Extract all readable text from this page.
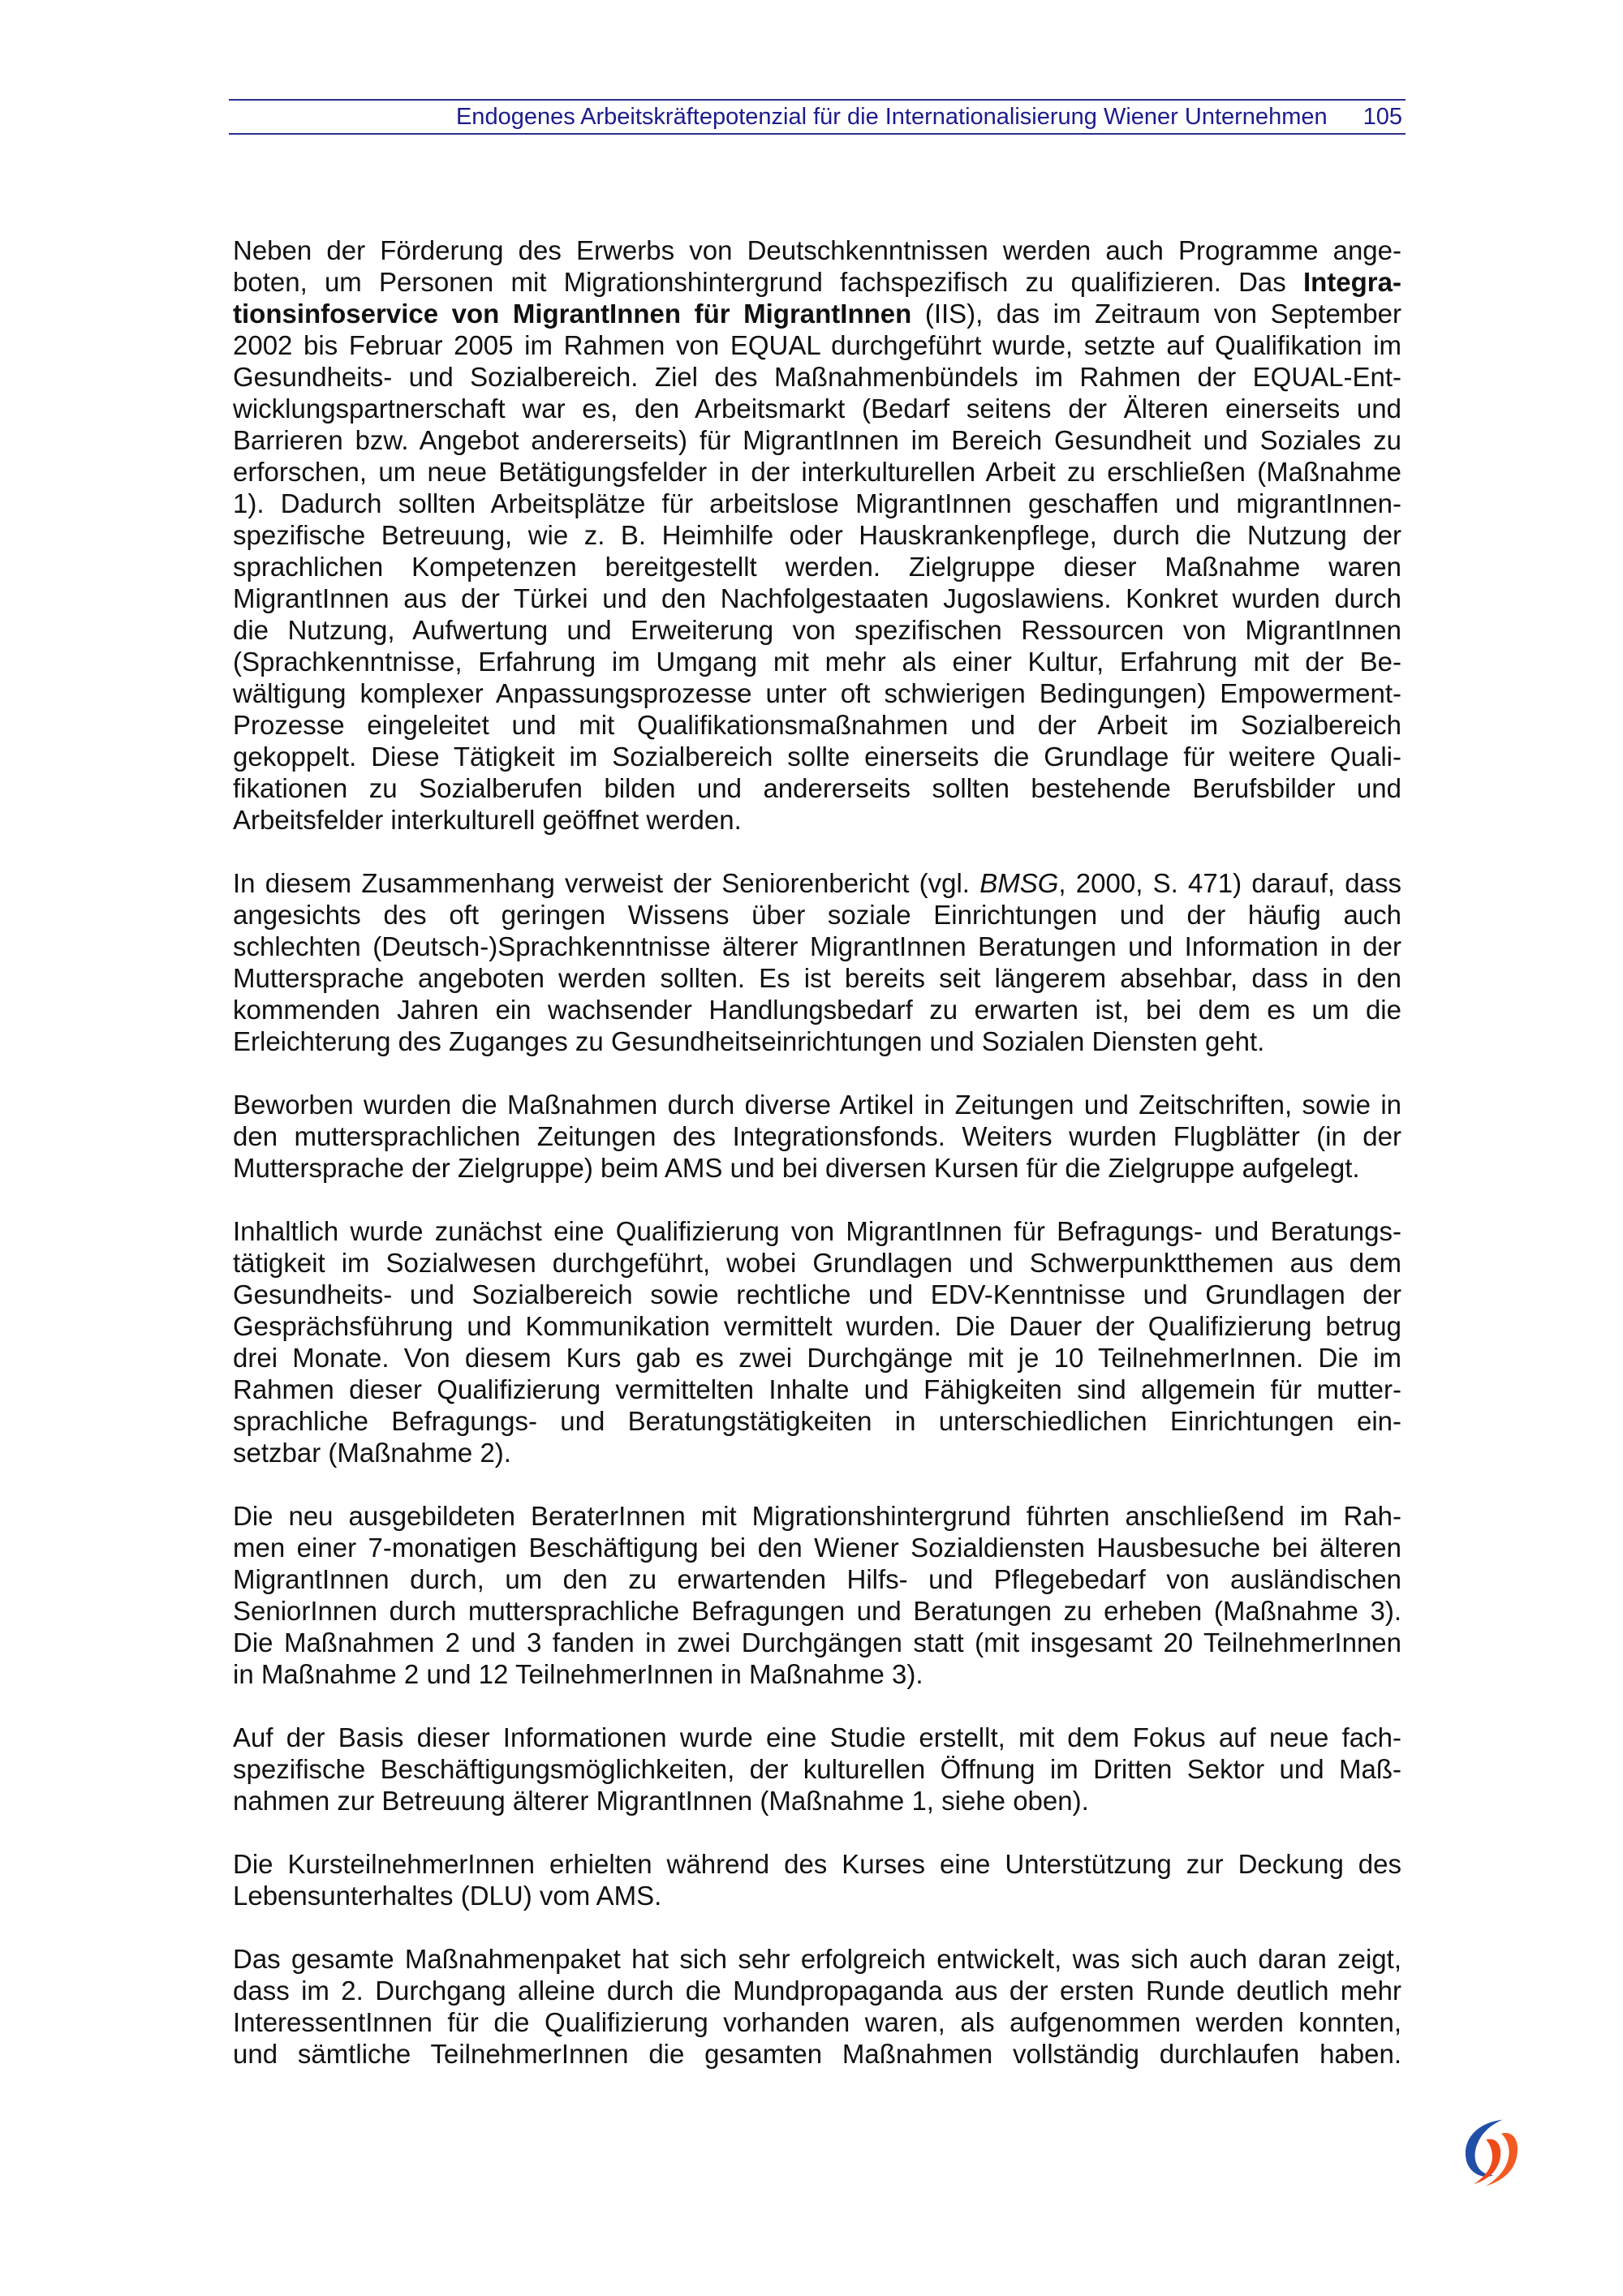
Endogenes Arbeitskräftepotenzial für die Internationalisierung Wiener Unternehmen 105
Neben der Förderung des Erwerbs von Deutschkenntnissen werden auch Programme ange-
boten, um Personen mit Migrationshintergrund fachspezifisch zu qualifizieren. Das Integra-
tionsinfoservice von MigrantInnen für MigrantInnen (IIS), das im Zeitraum von September
2002 bis Februar 2005 im Rahmen von EQUAL durchgeführt wurde, setzte auf Qualifikation im
Gesundheits- und Sozialbereich. Ziel des Maßnahmenbündels im Rahmen der EQUAL-Ent-
wicklungspartnerschaft war es, den Arbeitsmarkt (Bedarf seitens der Älteren einerseits und
Barrieren bzw. Angebot andererseits) für MigrantInnen im Bereich Gesundheit und Soziales zu
erforschen, um neue Betätigungsfelder in der interkulturellen Arbeit zu erschließen (Maßnahme
1). Dadurch sollten Arbeitsplätze für arbeitslose MigrantInnen geschaffen und migrantInnen-
spezifische Betreuung, wie z. B. Heimhilfe oder Hauskrankenpflege, durch die Nutzung der
sprachlichen Kompetenzen bereitgestellt werden. Zielgruppe dieser Maßnahme waren
MigrantInnen aus der Türkei und den Nachfolgestaaten Jugoslawiens. Konkret wurden durch
die Nutzung, Aufwertung und Erweiterung von spezifischen Ressourcen von MigrantInnen
(Sprachkenntnisse, Erfahrung im Umgang mit mehr als einer Kultur, Erfahrung mit der Be-
wältigung komplexer Anpassungsprozesse unter oft schwierigen Bedingungen) Empowerment-
Prozesse eingeleitet und mit Qualifikationsmaßnahmen und der Arbeit im Sozialbereich
gekoppelt. Diese Tätigkeit im Sozialbereich sollte einerseits die Grundlage für weitere Quali-
fikationen zu Sozialberufen bilden und andererseits sollten bestehende Berufsbilder und
Arbeitsfelder interkulturell geöffnet werden.
In diesem Zusammenhang verweist der Seniorenbericht (vgl. BMSG, 2000, S. 471) darauf, dass
angesichts des oft geringen Wissens über soziale Einrichtungen und der häufig auch
schlechten (Deutsch-)Sprachkenntnisse älterer MigrantInnen Beratungen und Information in der
Muttersprache angeboten werden sollten. Es ist bereits seit längerem absehbar, dass in den
kommenden Jahren ein wachsender Handlungsbedarf zu erwarten ist, bei dem es um die
Erleichterung des Zuganges zu Gesundheitseinrichtungen und Sozialen Diensten geht.
Beworben wurden die Maßnahmen durch diverse Artikel in Zeitungen und Zeitschriften, sowie in
den muttersprachlichen Zeitungen des Integrationsfonds. Weiters wurden Flugblätter (in der
Muttersprache der Zielgruppe) beim AMS und bei diversen Kursen für die Zielgruppe aufgelegt.
Inhaltlich wurde zunächst eine Qualifizierung von MigrantInnen für Befragungs- und Beratungs-
tätigkeit im Sozialwesen durchgeführt, wobei Grundlagen und Schwerpunktthemen aus dem
Gesundheits- und Sozialbereich sowie rechtliche und EDV-Kenntnisse und Grundlagen der
Gesprächsführung und Kommunikation vermittelt wurden. Die Dauer der Qualifizierung betrug
drei Monate. Von diesem Kurs gab es zwei Durchgänge mit je 10 TeilnehmerInnen. Die im
Rahmen dieser Qualifizierung vermittelten Inhalte und Fähigkeiten sind allgemein für mutter-
sprachliche Befragungs- und Beratungstätigkeiten in unterschiedlichen Einrichtungen ein-
setzbar (Maßnahme 2).
Die neu ausgebildeten BeraterInnen mit Migrationshintergrund führten anschließend im Rah-
men einer 7-monatigen Beschäftigung bei den Wiener Sozialdiensten Hausbesuche bei älteren
MigrantInnen durch, um den zu erwartenden Hilfs- und Pflegebedarf von ausländischen
SeniorInnen durch muttersprachliche Befragungen und Beratungen zu erheben (Maßnahme 3).
Die Maßnahmen 2 und 3 fanden in zwei Durchgängen statt (mit insgesamt 20 TeilnehmerInnen
in Maßnahme 2 und 12 TeilnehmerInnen in Maßnahme 3).
Auf der Basis dieser Informationen wurde eine Studie erstellt, mit dem Fokus auf neue fach-
spezifische Beschäftigungsmöglichkeiten, der kulturellen Öffnung im Dritten Sektor und Maß-
nahmen zur Betreuung älterer MigrantInnen (Maßnahme 1, siehe oben).
Die KursteilnehmerInnen erhielten während des Kurses eine Unterstützung zur Deckung des
Lebensunterhaltes (DLU) vom AMS.
Das gesamte Maßnahmenpaket hat sich sehr erfolgreich entwickelt, was sich auch daran zeigt,
dass im 2. Durchgang alleine durch die Mundpropaganda aus der ersten Runde deutlich mehr
InteressentInnen für die Qualifizierung vorhanden waren, als aufgenommen werden konnten,
und sämtliche TeilnehmerInnen die gesamten Maßnahmen vollständig durchlaufen haben.
